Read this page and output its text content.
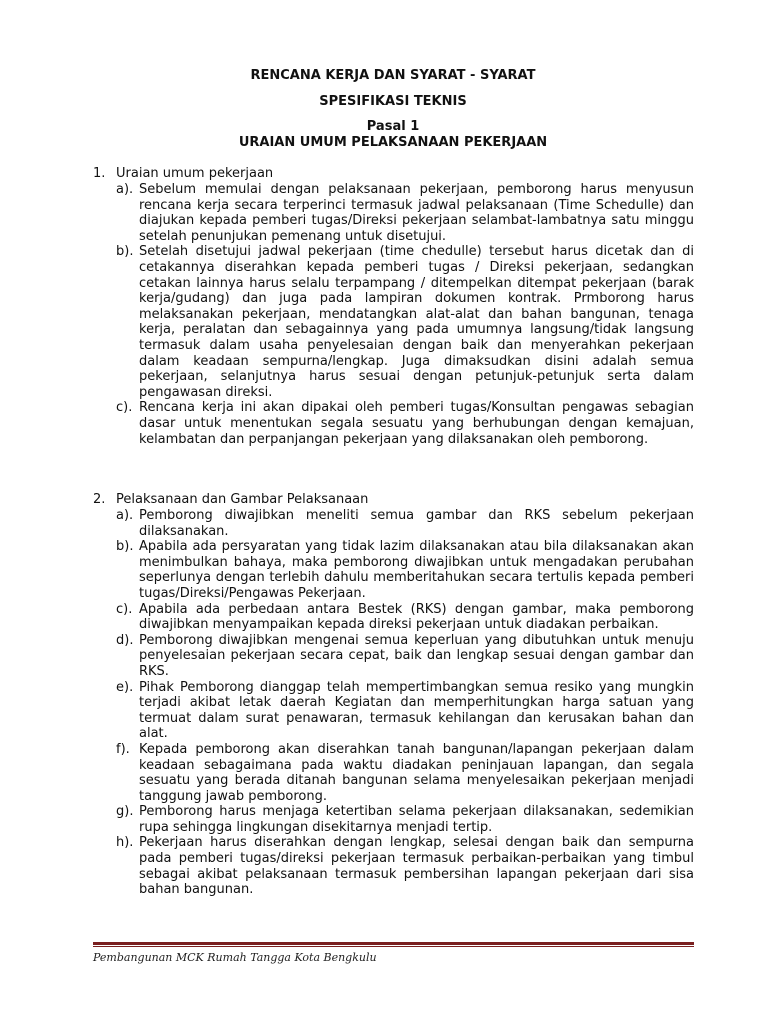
RENCANA KERJA DAN SYARAT - SYARAT
SPESIFIKASI TEKNIS
Pasal 1
URAIAN UMUM PELAKSANAAN PEKERJAAN
1. Uraian umum pekerjaan
a). Sebelum memulai dengan pelaksanaan pekerjaan, pemborong harus menyusun rencana kerja secara terperinci termasuk jadwal pelaksanaan (Time Schedulle) dan diajukan kepada pemberi tugas/Direksi pekerjaan selambat-lambatnya satu minggu setelah penunjukan pemenang untuk disetujui.
b). Setelah disetujui jadwal pekerjaan (time chedulle) tersebut harus dicetak dan di cetakannya diserahkan kepada pemberi tugas / Direksi pekerjaan, sedangkan cetakan lainnya harus selalu terpampang / ditempelkan ditempat pekerjaan (barak kerja/gudang) dan juga pada lampiran dokumen kontrak. Prmborong harus melaksanakan pekerjaan, mendatangkan alat-alat dan bahan bangunan, tenaga kerja, peralatan dan sebagainnya yang pada umumnya langsung/tidak langsung termasuk dalam usaha penyelesaian dengan baik dan menyerahkan pekerjaan dalam keadaan sempurna/lengkap. Juga dimaksudkan disini adalah semua pekerjaan, selanjutnya harus sesuai dengan petunjuk-petunjuk serta dalam pengawasan direksi.
c). Rencana kerja ini akan dipakai oleh pemberi tugas/Konsultan pengawas sebagian dasar untuk menentukan segala sesuatu yang berhubungan dengan kemajuan, kelambatan dan perpanjangan pekerjaan yang dilaksanakan oleh pemborong.
2. Pelaksanaan dan Gambar Pelaksanaan
a). Pemborong diwajibkan meneliti semua gambar dan RKS sebelum pekerjaan dilaksanakan.
b). Apabila ada persyaratan yang tidak lazim dilaksanakan atau bila dilaksanakan akan menimbulkan bahaya, maka pemborong diwajibkan untuk mengadakan perubahan seperlunya dengan terlebih dahulu memberitahukan secara tertulis kepada pemberi tugas/Direksi/Pengawas Pekerjaan.
c). Apabila ada perbedaan antara Bestek (RKS) dengan gambar, maka pemborong diwajibkan menyampaikan kepada direksi pekerjaan untuk diadakan perbaikan.
d). Pemborong diwajibkan mengenai semua keperluan yang dibutuhkan untuk menuju penyelesaian pekerjaan secara cepat, baik dan lengkap sesuai dengan gambar dan RKS.
e). Pihak Pemborong dianggap telah mempertimbangkan semua resiko yang mungkin terjadi akibat letak daerah Kegiatan dan memperhitungkan harga satuan yang termuat dalam surat penawaran, termasuk kehilangan dan kerusakan bahan dan alat.
f). Kepada pemborong akan diserahkan tanah bangunan/lapangan pekerjaan dalam keadaan sebagaimana pada waktu diadakan peninjauan lapangan, dan segala sesuatu yang berada ditanah bangunan selama menyelesaikan pekerjaan menjadi tanggung jawab pemborong.
g). Pemborong harus menjaga ketertiban selama pekerjaan dilaksanakan, sedemikian rupa sehingga lingkungan disekitarnya menjadi tertip.
h). Pekerjaan harus diserahkan dengan lengkap, selesai dengan baik dan sempurna pada pemberi tugas/direksi pekerjaan termasuk perbaikan-perbaikan yang timbul sebagai akibat pelaksanaan termasuk pembersihan lapangan pekerjaan dari sisa bahan bangunan.
Pembangunan MCK Rumah Tangga Kota Bengkulu
